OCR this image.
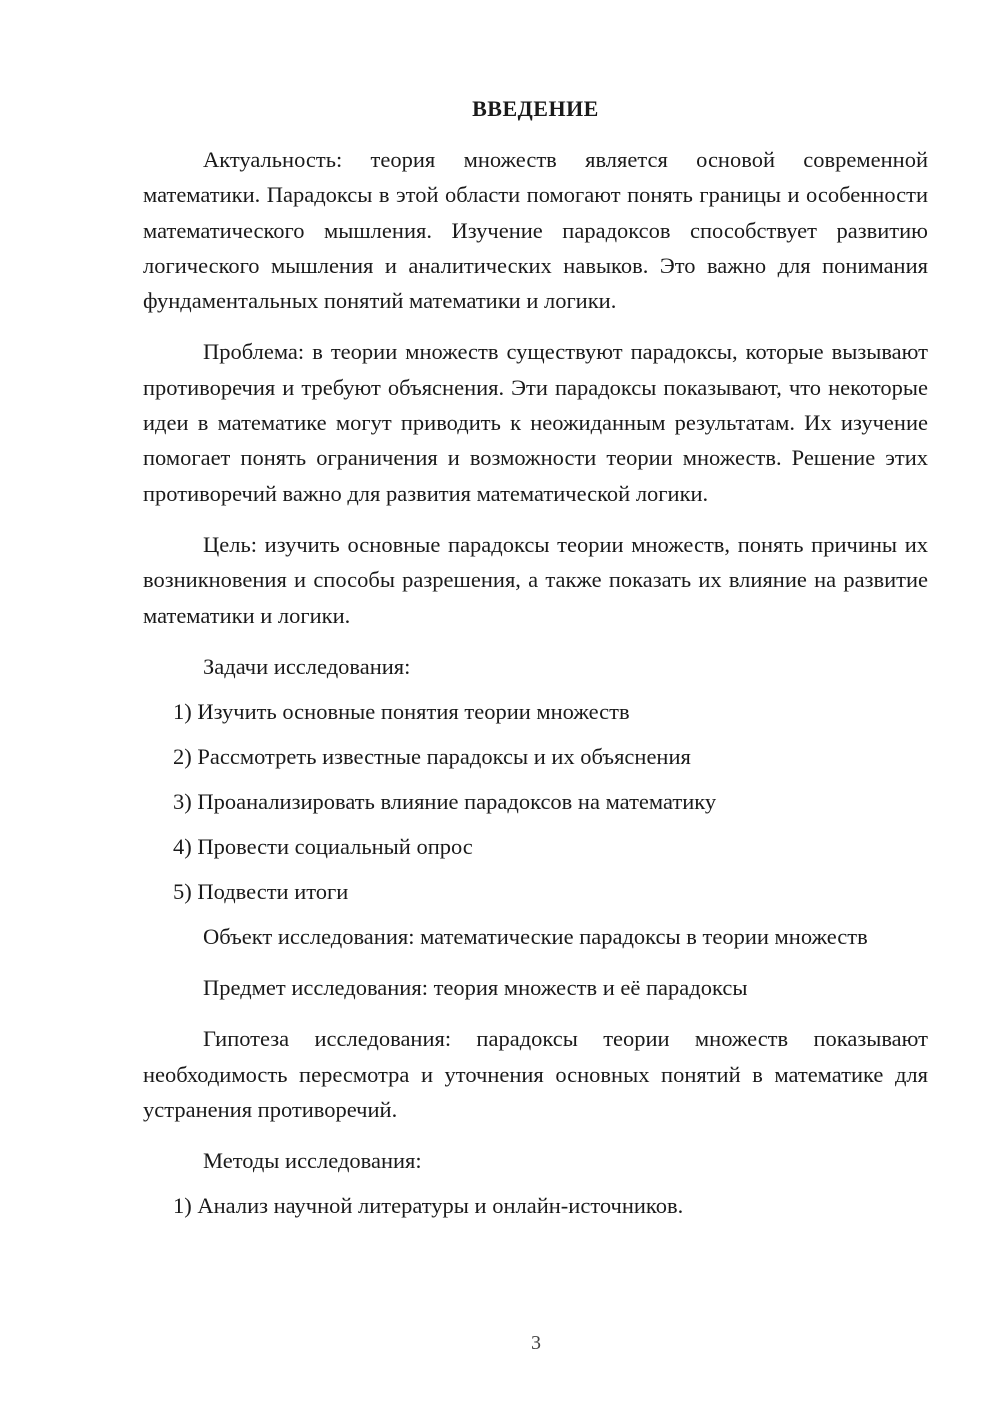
ВВЕДЕНИЕ

Актуальность: теория множеств является основой современной математики. Парадоксы в этой области помогают понять границы и особенности математического мышления. Изучение парадоксов способствует развитию логического мышления и аналитических навыков. Это важно для понимания фундаментальных понятий математики и логики.

Проблема: в теории множеств существуют парадоксы, которые вызывают противоречия и требуют объяснения. Эти парадоксы показывают, что некоторые идеи в математике могут приводить к неожиданным результатам. Их изучение помогает понять ограничения и возможности теории множеств. Решение этих противоречий важно для развития математической логики.

Цель: изучить основные парадоксы теории множеств, понять причины их возникновения и способы разрешения, а также показать их влияние на развитие математики и логики.

Задачи исследования:
1) Изучить основные понятия теории множеств
2) Рассмотреть известные парадоксы и их объяснения
3) Проанализировать влияние парадоксов на математику
4) Провести социальный опрос
5) Подвести итоги

Объект исследования: математические парадоксы в теории множеств

Предмет исследования: теория множеств и её парадоксы

Гипотеза исследования: парадоксы теории множеств показывают необходимость пересмотра и уточнения основных понятий в математике для устранения противоречий.

Методы исследования:
1) Анализ научной литературы и онлайн-источников.
3
